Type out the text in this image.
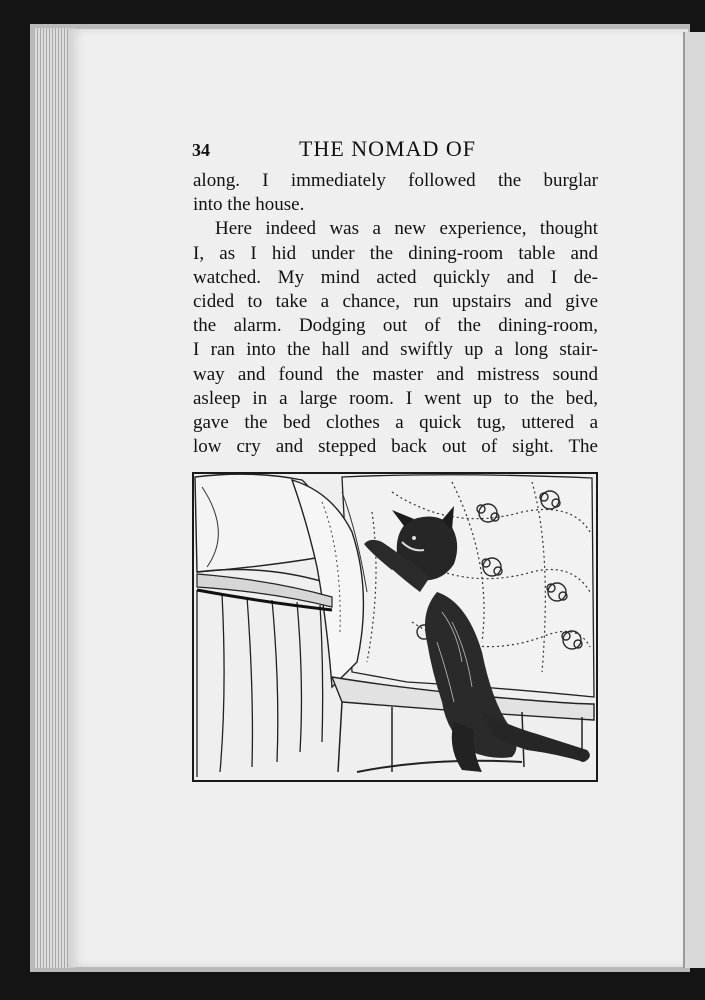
34	THE NOMAD OF
along. I immediately followed the burglar
into the house.
Here indeed was a new experience, thought
I, as I hid under the dining-room table and
watched. My mind acted quickly and I de-
cided to take a chance, run upstairs and give
the alarm. Dodging out of the dining-room,
I ran into the hall and swiftly up a long stair-
way and found the master and mistress sound
asleep in a large room. I went up to the bed,
gave the bed clothes a quick tug, uttered a
low cry and stepped back out of sight. The
